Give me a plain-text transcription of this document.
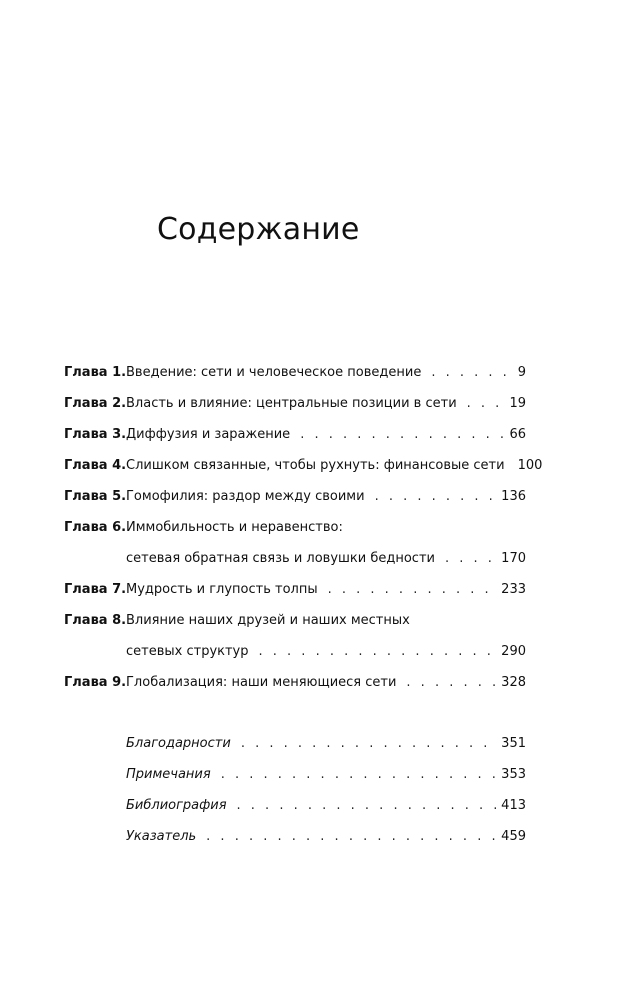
Содержание
Глава 1. Введение: сети и человеческое поведение . . .	9
Глава 2. Власть и влияние: центральные позиции в сети . . .	19
Глава 3. Диффузия и заражение . . .	66
Глава 4. Слишком связанные, чтобы рухнуть: финансовые сети 100
Глава 5. Гомофилия: раздор между своими . . .	136
Глава 6. Иммобильность и неравенство:
сетевая обратная связь и ловушки бедности . . .	170
Глава 7. Мудрость и глупость толпы . . .	233
Глава 8. Влияние наших друзей и наших местных
сетевых структур . . .	290
Глава 9. Глобализация: наши меняющиеся сети . . .	328
Благодарности . . .	351
Примечания . . .	353
Библиография . . .	413
Указатель . . .	459
